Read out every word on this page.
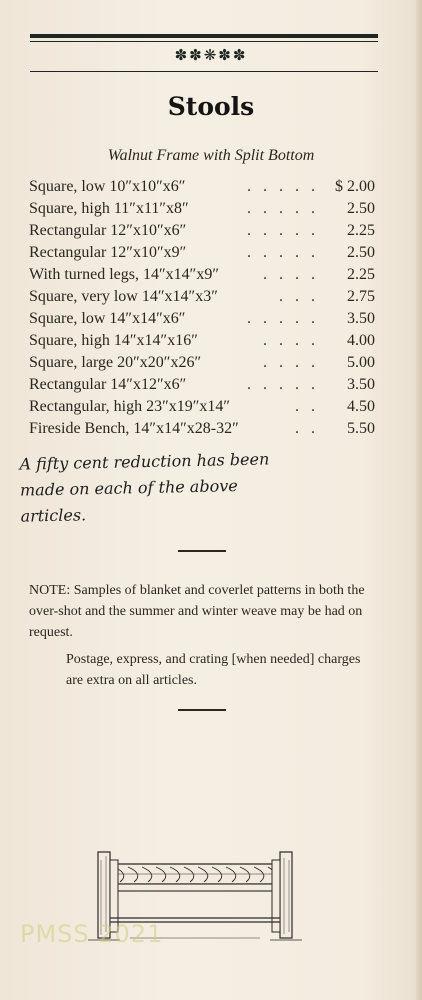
✽✽❋✽✽
Stools
Walnut Frame with Split Bottom
Square, low 10″x10″x6″	. . . . . $ 2.00
Square, high 11″x11″x8″	. . . . . 2.50
Rectangular 12″x10″x6″	. . . . . 2.25
Rectangular 12″x10″x9″	. . . . . 2.50
With turned legs, 14″x14″x9″	. . . . 2.25
Square, very low 14″x14″x3″	. . . 2.75
Square, low 14″x14″x6″	. . . . . 3.50
Square, high 14″x14″x16″	. . . . 4.00
Square, large 20″x20″x26″	. . . . 5.00
Rectangular 14″x12″x6″	. . . . . 3.50
Rectangular, high 23″x19″x14″	. . 4.50
Fireside Bench, 14″x14″x28-32″	. . 5.50
A fifty cent reduction has been
made on each of the above
articles.
NOTE: Samples of blanket and coverlet patterns in both the over-shot and the summer and winter weave may be had on request.
Postage, express, and crating [when needed] charges are extra on all articles.
PMSS 2021
